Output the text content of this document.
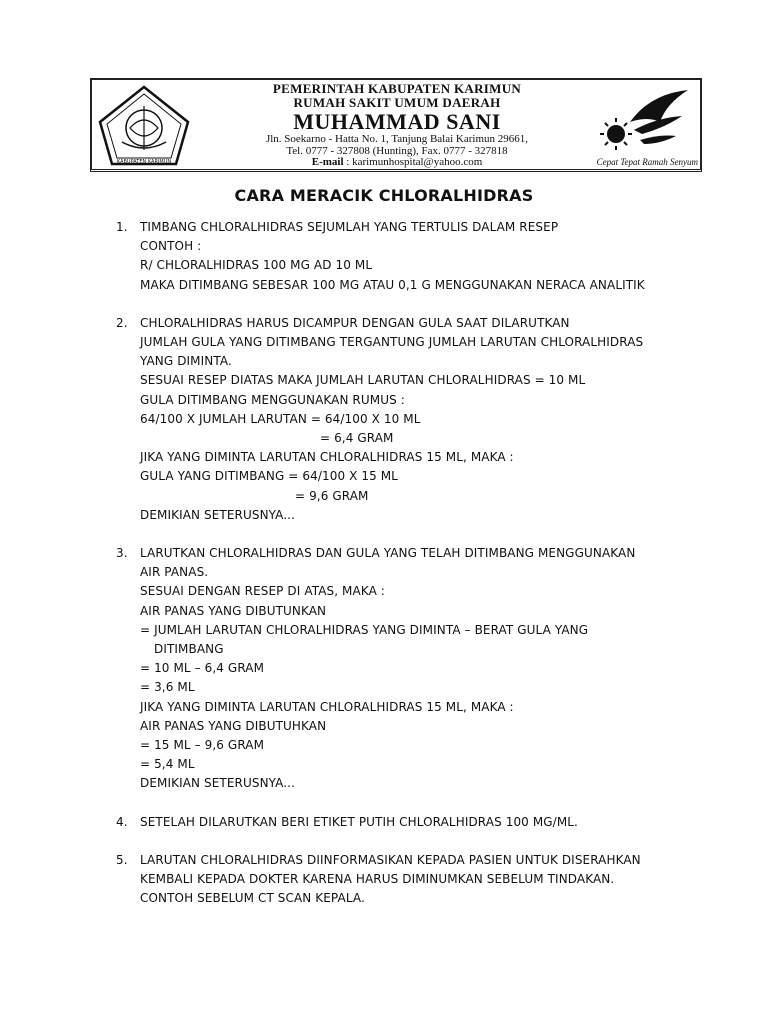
KABUPATEN KARIMUN
PEMERINTAH KABUPATEN KARIMUN
RUMAH SAKIT UMUM DAERAH
MUHAMMAD SANI
Jln. Soekarno - Hatta No. 1, Tanjung Balai Karimun 29661,
Tel. 0777 - 327808 (Hunting), Fax. 0777 - 327818
E-mail : karimunhospital@yahoo.com	Cepat Tepat Ramah Senyum
CARA MERACIK CHLORALHIDRAS
1. TIMBANG CHLORALHIDRAS SEJUMLAH YANG TERTULIS DALAM RESEP
CONTOH :
R/ CHLORALHIDRAS 100 MG AD 10 ML
MAKA DITIMBANG SEBESAR 100 MG ATAU 0,1 G MENGGUNAKAN NERACA ANALITIK
2. CHLORALHIDRAS HARUS DICAMPUR DENGAN GULA SAAT DILARUTKAN
JUMLAH GULA YANG DITIMBANG TERGANTUNG JUMLAH LARUTAN CHLORALHIDRAS
YANG DIMINTA.
SESUAI RESEP DIATAS MAKA JUMLAH LARUTAN CHLORALHIDRAS = 10 ML
GULA DITIMBANG MENGGUNAKAN RUMUS :
64/100 X JUMLAH LARUTAN = 64/100 X 10 ML
= 6,4 GRAM
JIKA YANG DIMINTA LARUTAN CHLORALHIDRAS 15 ML, MAKA :
GULA YANG DITIMBANG = 64/100 X 15 ML
= 9,6 GRAM
DEMIKIAN SETERUSNYA...
3. LARUTKAN CHLORALHIDRAS DAN GULA YANG TELAH DITIMBANG MENGGUNAKAN
AIR PANAS.
SESUAI DENGAN RESEP DI ATAS, MAKA :
AIR PANAS YANG DIBUTUNKAN
= JUMLAH LARUTAN CHLORALHIDRAS YANG DIMINTA – BERAT GULA YANG
DITIMBANG
= 10 ML – 6,4 GRAM
= 3,6 ML
JIKA YANG DIMINTA LARUTAN CHLORALHIDRAS 15 ML, MAKA :
AIR PANAS YANG DIBUTUHKAN
= 15 ML – 9,6 GRAM
= 5,4 ML
DEMIKIAN SETERUSNYA...
4. SETELAH DILARUTKAN BERI ETIKET PUTIH CHLORALHIDRAS 100 MG/ML.
5. LARUTAN CHLORALHIDRAS DIINFORMASIKAN KEPADA PASIEN UNTUK DISERAHKAN
KEMBALI KEPADA DOKTER KARENA HARUS DIMINUMKAN SEBELUM TINDAKAN.
CONTOH SEBELUM CT SCAN KEPALA.
